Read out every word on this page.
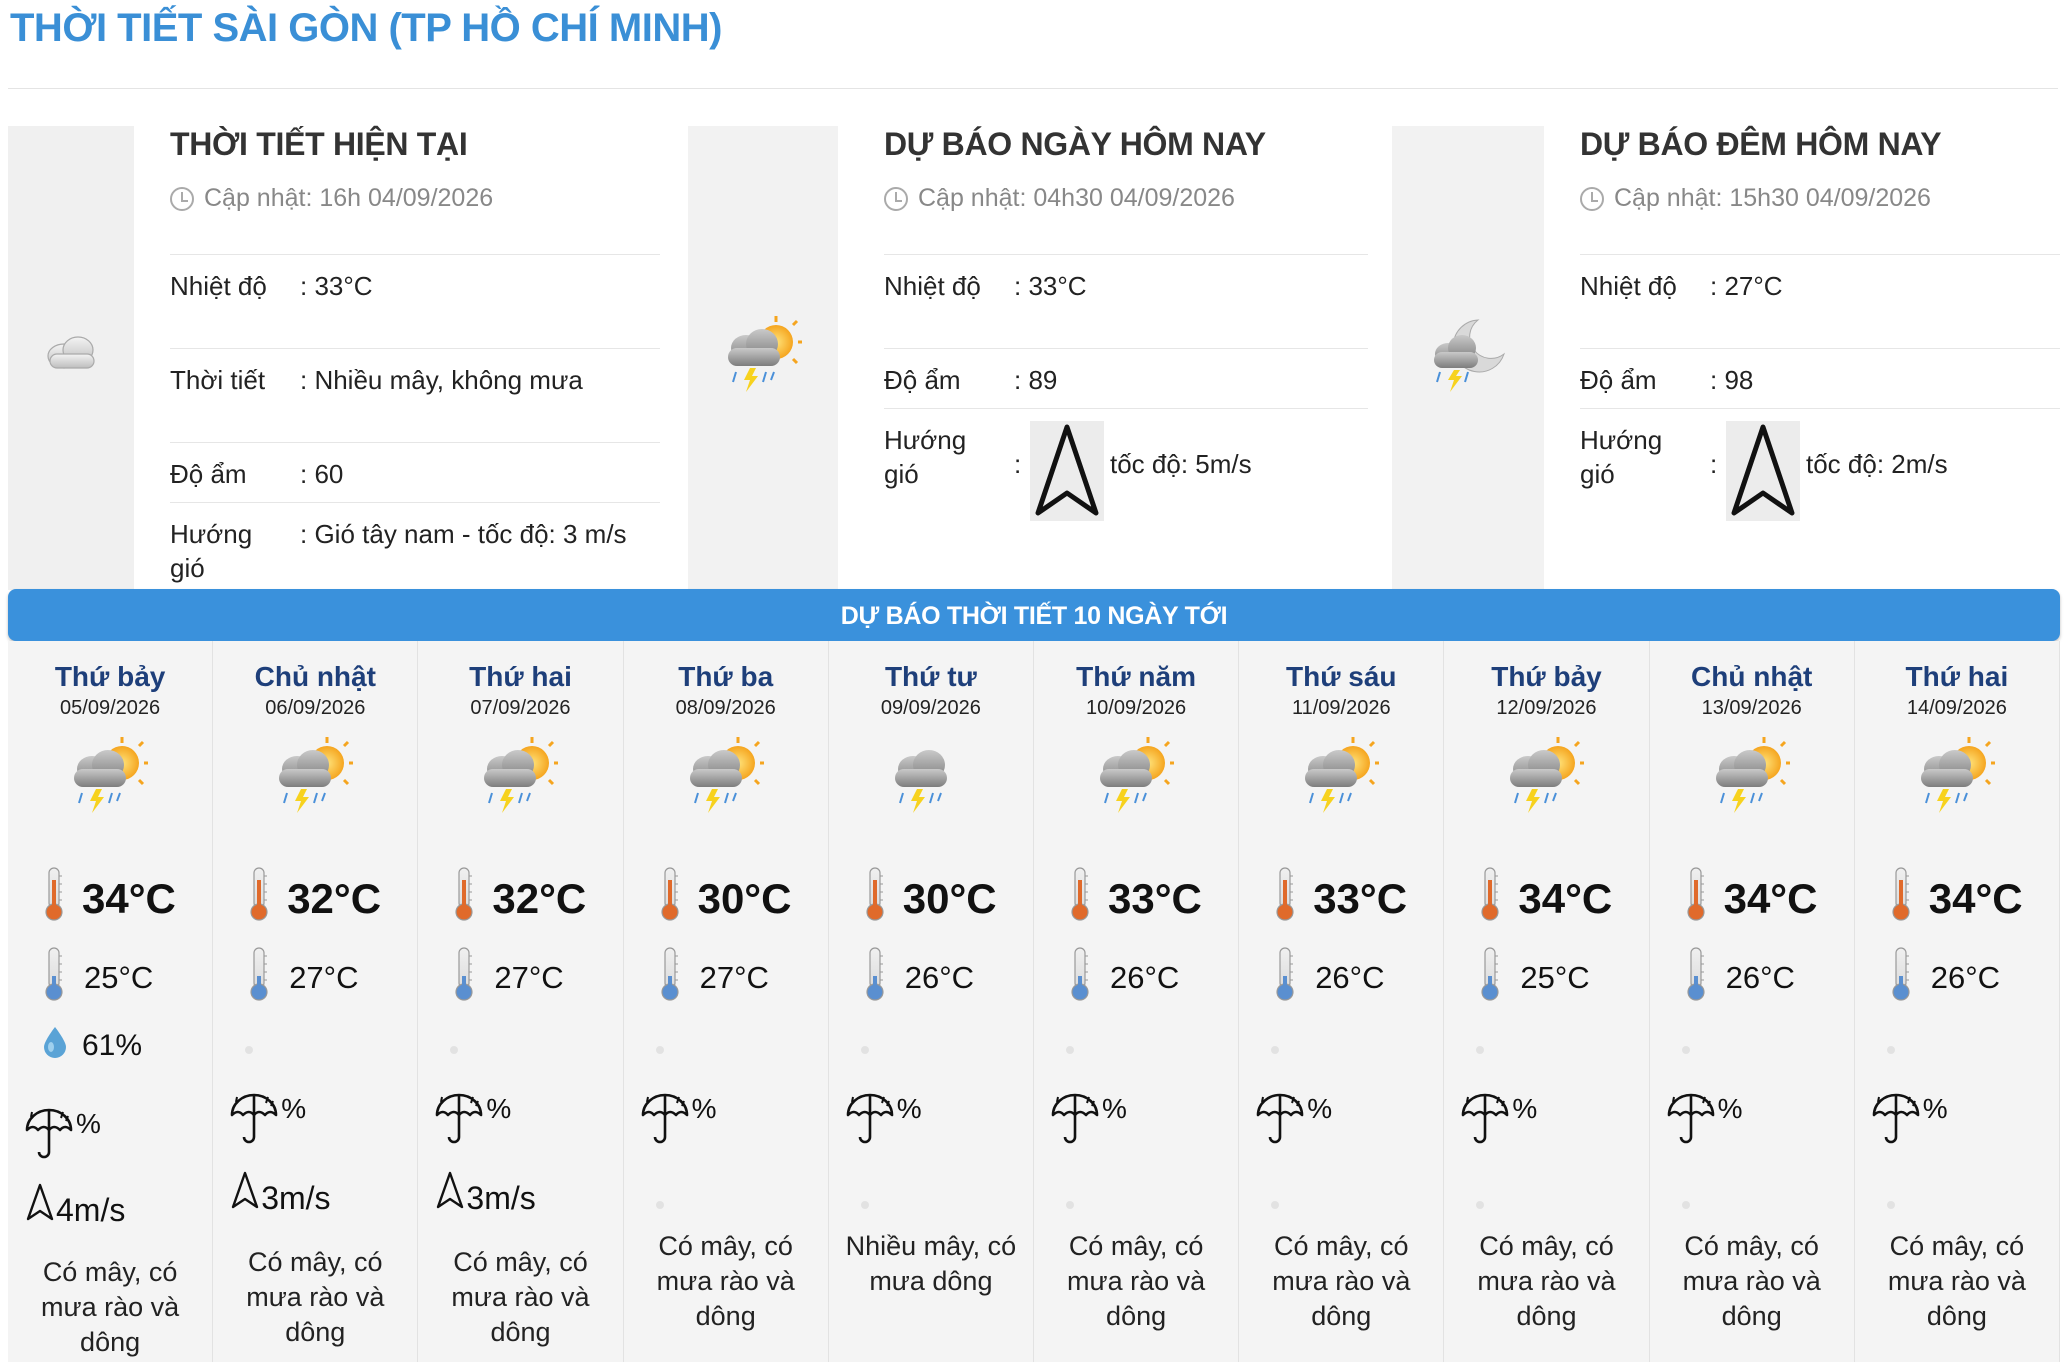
THỜI TIẾT SÀI GÒN (TP HỒ CHÍ MINH)
THỜI TIẾT HIỆN TẠI
Cập nhật: 16h 04/09/2026
Nhiệt độ	: 33°C
Thời tiết	: Nhiều mây, không mưa
Độ ẩm	: 60
Hướng gió
: Gió tây nam - tốc độ: 3 m/s
DỰ BÁO NGÀY HÔM NAY
Cập nhật: 04h30 04/09/2026
Nhiệt độ	: 33°C
Độ ẩm	: 89
Hướng gió	:	tốc độ: 5m/s
DỰ BÁO ĐÊM HÔM NAY
Cập nhật: 15h30 04/09/2026
Nhiệt độ	: 27°C
Độ ẩm	: 98
Hướng gió	:	tốc độ: 2m/s
DỰ BÁO THỜI TIẾT 10 NGÀY TỚI
Thứ bảy
05/09/2026
34°C
25°C
61%
%
4m/s
Có mây, có mưa rào và dông
Chủ nhật
06/09/2026
32°C
27°C
%
3m/s
Có mây, có mưa rào và dông
Thứ hai
07/09/2026
32°C
27°C
%
3m/s
Có mây, có mưa rào và dông
Thứ ba
08/09/2026
30°C
27°C
%
Có mây, có mưa rào và dông
Thứ tư
09/09/2026
30°C
26°C
%
Nhiều mây, có mưa dông
Thứ năm
10/09/2026
33°C
26°C
%
Có mây, có mưa rào và dông
Thứ sáu
11/09/2026
33°C
26°C
%
Có mây, có mưa rào và dông
Thứ bảy
12/09/2026
34°C
25°C
%
Có mây, có mưa rào và dông
Chủ nhật
13/09/2026
34°C
26°C
%
Có mây, có mưa rào và dông
Thứ hai
14/09/2026
34°C
26°C
%
Có mây, có mưa rào và dông
